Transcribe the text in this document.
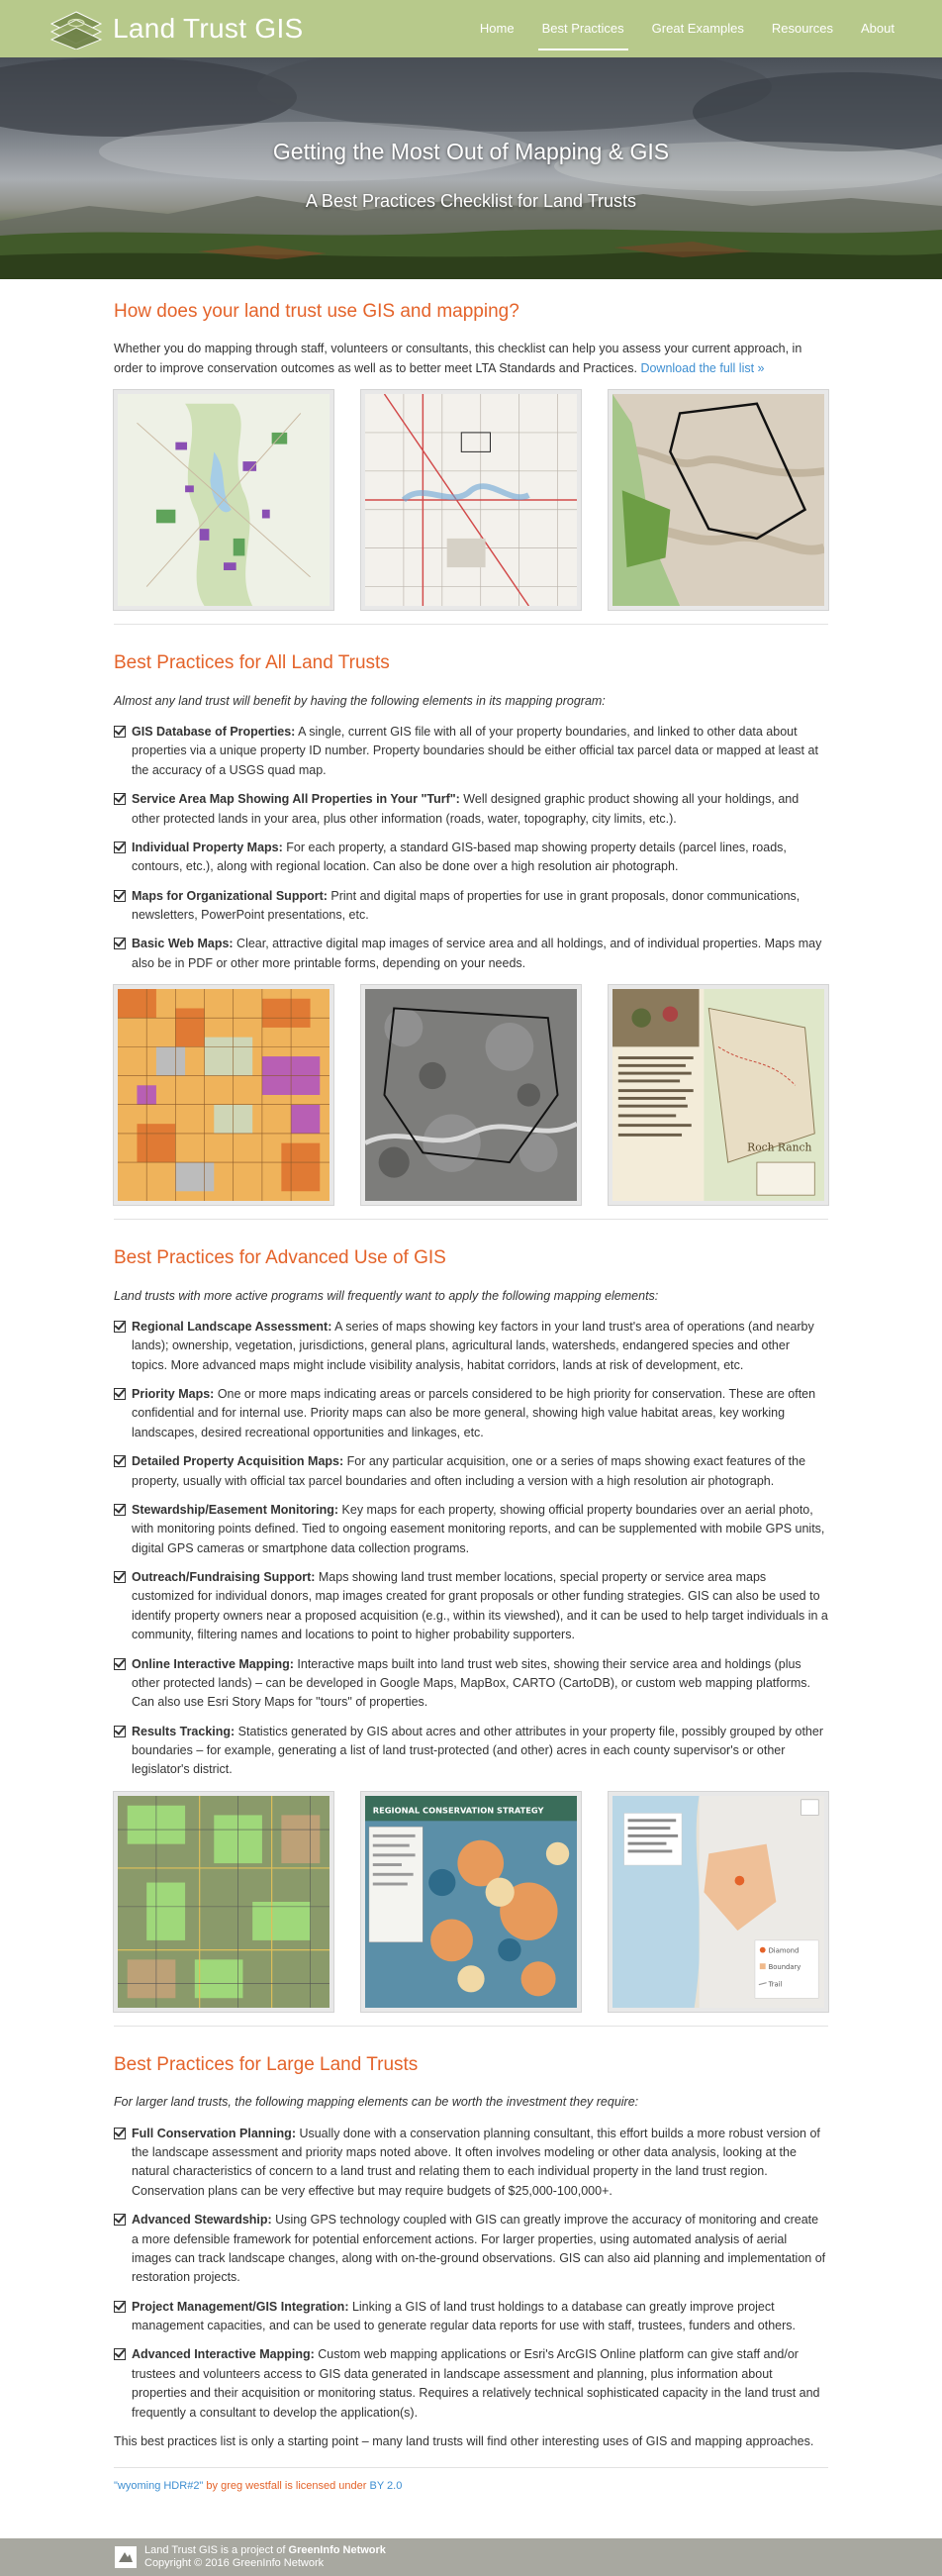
Land Trust GIS	Home	Best Practices	Great Examples	Resources	About
Getting the Most Out of Mapping & GIS
A Best Practices Checklist for Land Trusts
How does your land trust use GIS and mapping?

Whether you do mapping through staff, volunteers or consultants, this checklist can help you assess your current approach, in order to improve conservation outcomes as well as to better meet LTA Standards and Practices. Download the full list »

Best Practices for All Land Trusts

Almost any land trust will benefit by having the following elements in its mapping program:

GIS Database of Properties: A single, current GIS file with all of your property boundaries, and linked to other data about properties via a unique property ID number. Property boundaries should be either official tax parcel data or mapped at least at the accuracy of a USGS quad map.
Service Area Map Showing All Properties in Your "Turf": Well designed graphic product showing all your holdings, and other protected lands in your area, plus other information (roads, water, topography, city limits, etc.).
Individual Property Maps: For each property, a standard GIS-based map showing property details (parcel lines, roads, contours, etc.), along with regional location. Can also be done over a high resolution air photograph.
Maps for Organizational Support: Print and digital maps of properties for use in grant proposals, donor communications, newsletters, PowerPoint presentations, etc.
Basic Web Maps: Clear, attractive digital map images of service area and all holdings, and of individual properties. Maps may also be in PDF or other more printable forms, depending on your needs.
Roch Ranch
Best Practices for Advanced Use of GIS

Land trusts with more active programs will frequently want to apply the following mapping elements:

Regional Landscape Assessment: A series of maps showing key factors in your land trust's area of operations (and nearby lands); ownership, vegetation, jurisdictions, general plans, agricultural lands, watersheds, endangered species and other topics. More advanced maps might include visibility analysis, habitat corridors, lands at risk of development, etc.
Priority Maps: One or more maps indicating areas or parcels considered to be high priority for conservation. These are often confidential and for internal use. Priority maps can also be more general, showing high value habitat areas, key working landscapes, desired recreational opportunities and linkages, etc.
Detailed Property Acquisition Maps: For any particular acquisition, one or a series of maps showing exact features of the property, usually with official tax parcel boundaries and often including a version with a high resolution air photograph.
Stewardship/Easement Monitoring: Key maps for each property, showing official property boundaries over an aerial photo, with monitoring points defined. Tied to ongoing easement monitoring reports, and can be supplemented with mobile GPS units, digital GPS cameras or smartphone data collection programs.
Outreach/Fundraising Support: Maps showing land trust member locations, special property or service area maps customized for individual donors, map images created for grant proposals or other funding strategies. GIS can also be used to identify property owners near a proposed acquisition (e.g., within its viewshed), and it can be used to help target individuals in a community, filtering names and locations to point to higher probability supporters.
Online Interactive Mapping: Interactive maps built into land trust web sites, showing their service area and holdings (plus other protected lands) – can be developed in Google Maps, MapBox, CARTO (CartoDB), or custom web mapping platforms. Can also use Esri Story Maps for "tours" of properties.
Results Tracking: Statistics generated by GIS about acres and other attributes in your property file, possibly grouped by other boundaries – for example, generating a list of land trust-protected (and other) acres in each county supervisor's or other legislator's district.
REGIONAL CONSERVATION STRATEGY
Diamond
Boundary
Trail
Best Practices for Large Land Trusts

For larger land trusts, the following mapping elements can be worth the investment they require:

Full Conservation Planning: Usually done with a conservation planning consultant, this effort builds a more robust version of the landscape assessment and priority maps noted above. It often involves modeling or other data analysis, looking at the natural characteristics of concern to a land trust and relating them to each individual property in the land trust region. Conservation plans can be very effective but may require budgets of $25,000-100,000+.
Advanced Stewardship: Using GPS technology coupled with GIS can greatly improve the accuracy of monitoring and create a more defensible framework for potential enforcement actions. For larger properties, using automated analysis of aerial images can track landscape changes, along with on-the-ground observations. GIS can also aid planning and implementation of restoration projects.
Project Management/GIS Integration: Linking a GIS of land trust holdings to a database can greatly improve project management capacities, and can be used to generate regular data reports for use with staff, trustees, funders and others.
Advanced Interactive Mapping: Custom web mapping applications or Esri's ArcGIS Online platform can give staff and/or trustees and volunteers access to GIS data generated in landscape assessment and planning, plus information about properties and their acquisition or monitoring status. Requires a relatively technical sophisticated capacity in the land trust and frequently a consultant to develop the application(s).

This best practices list is only a starting point – many land trusts will find other interesting uses of GIS and mapping approaches.

"wyoming HDR#2" by greg westfall is licensed under BY 2.0

Land Trust GIS is a project of GreenInfo Network
Copyright © 2016 GreenInfo Network
